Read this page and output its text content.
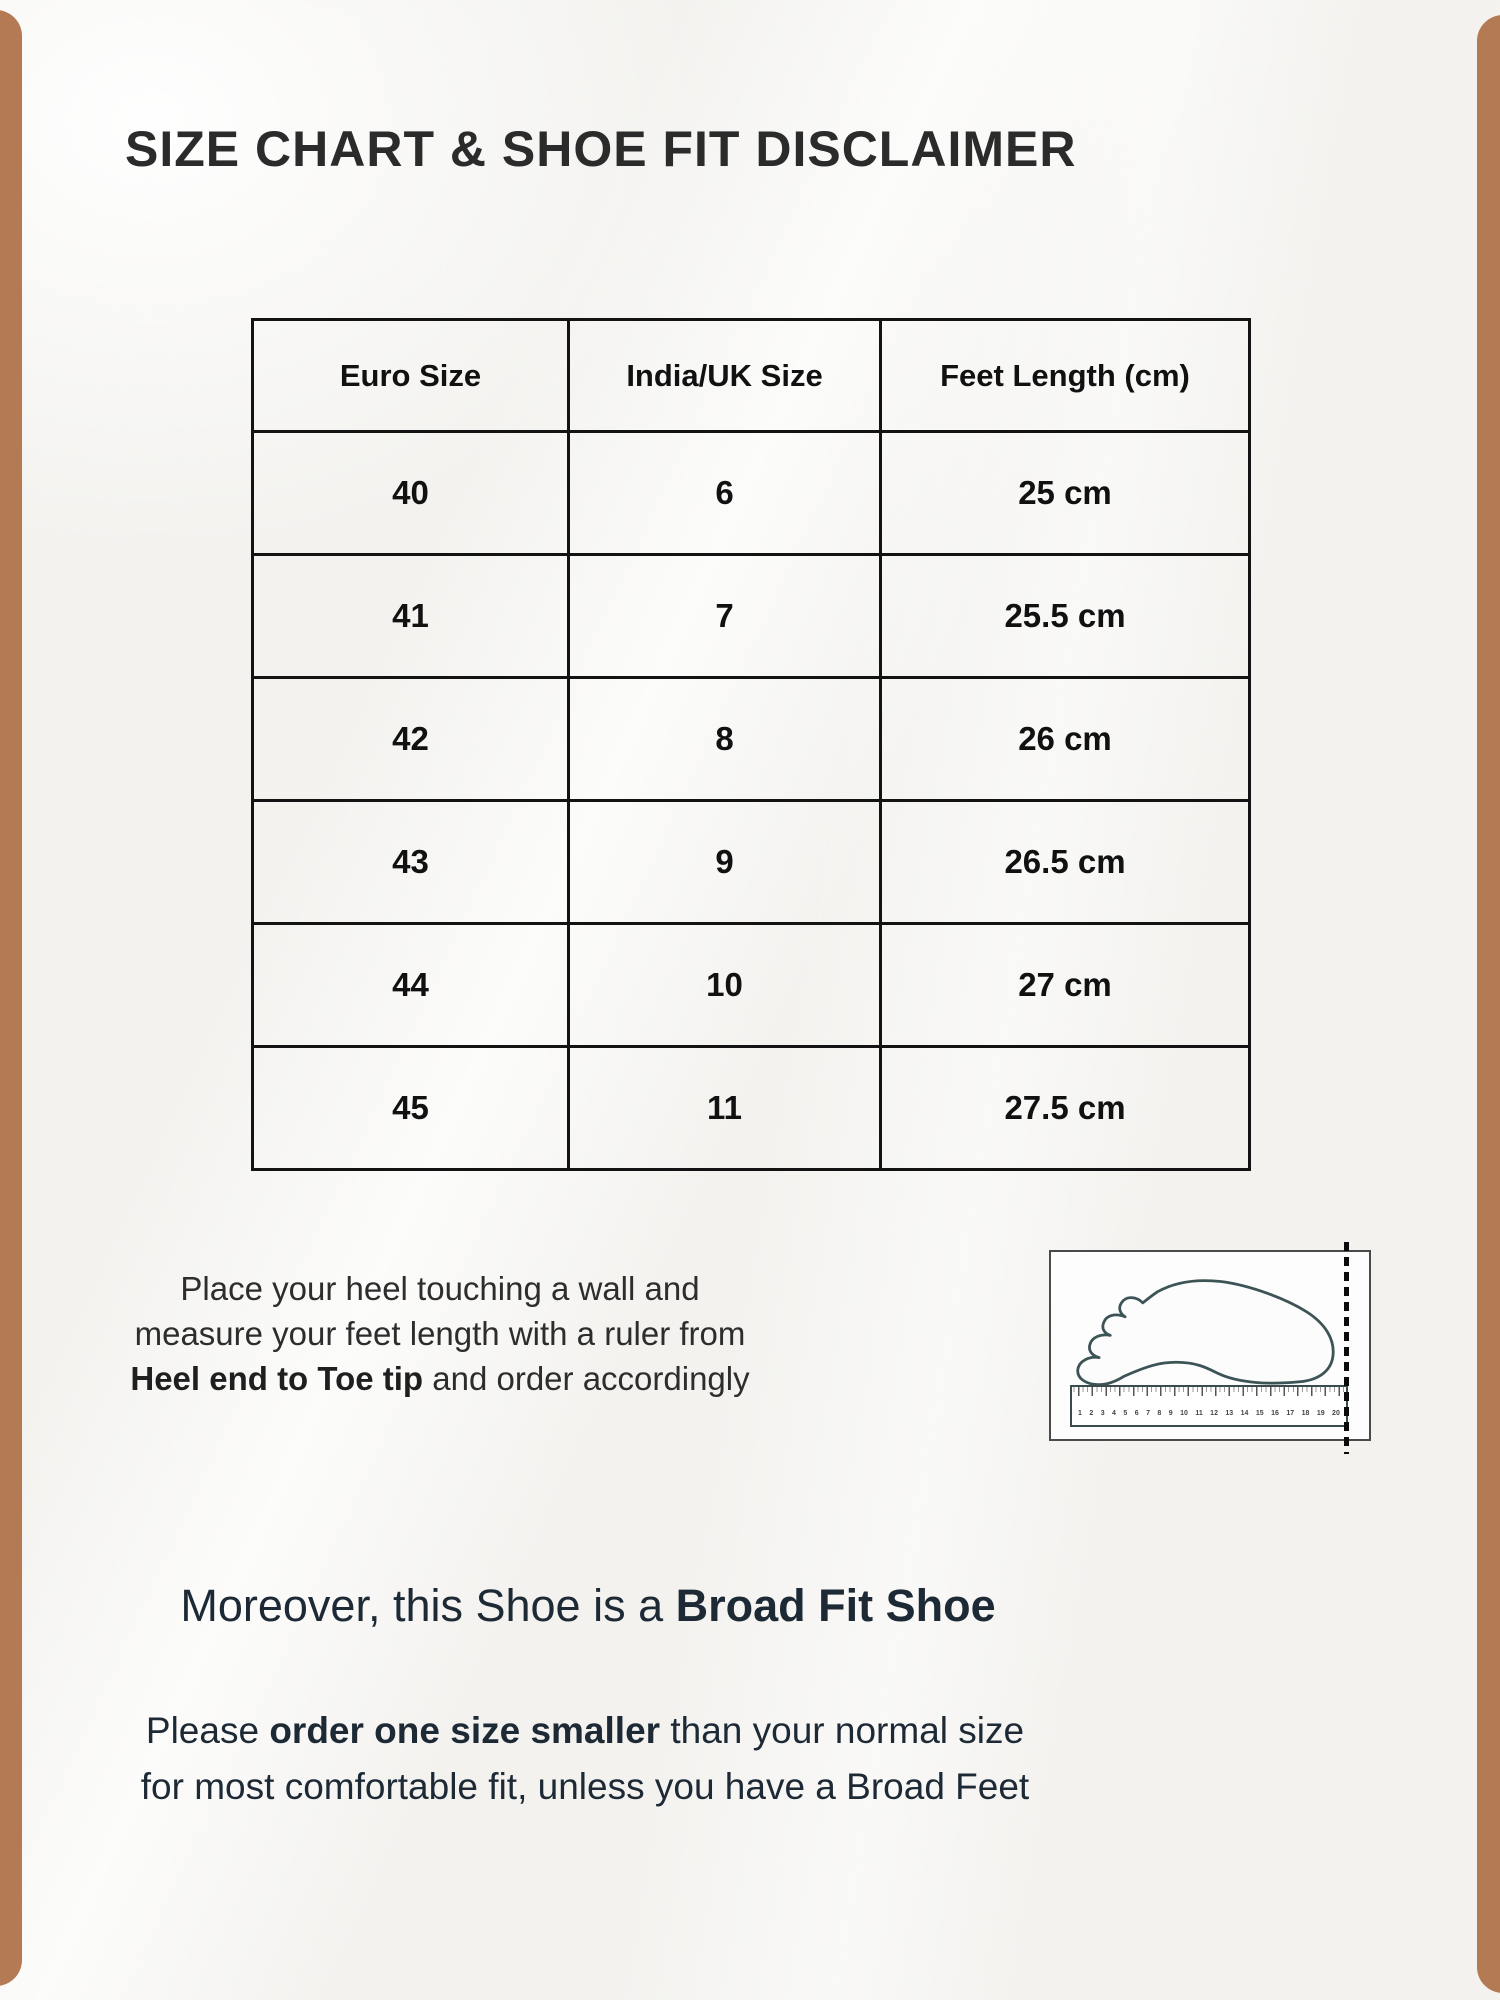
SIZE CHART & SHOE FIT DISCLAIMER
Euro Size	India/UK Size	Feet Length (cm)
40	6	25 cm
41	7	25.5 cm
42	8	26 cm
43	9	26.5 cm
44	10	27 cm
45	11	27.5 cm
Place your heel touching a wall and
measure your feet length with a ruler from
Heel end to Toe tip and order accordingly
1 2 3 4 5 6 7 8 9 10 11 12 13 14 15 16 17 18 19 20
Moreover, this Shoe is a Broad Fit Shoe
Please order one size smaller than your normal size
for most comfortable fit, unless you have a Broad Feet
